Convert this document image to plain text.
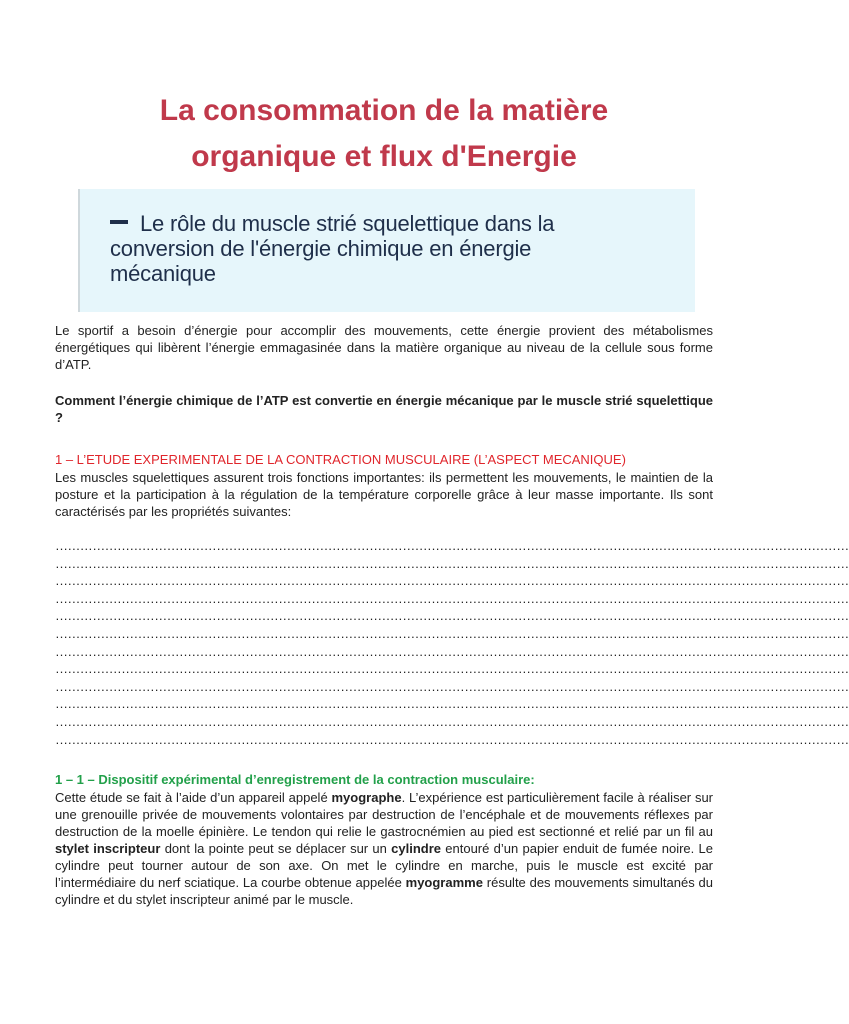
La consommation de la matière
organique et flux d'Energie
Le rôle du muscle strié squelettique dans la
conversion de l'énergie chimique en énergie
mécanique

Le sportif a besoin d’énergie pour accomplir des mouvements, cette énergie provient des métabolismes énergétiques qui libèrent l’énergie emmagasinée dans la matière organique au niveau de la cellule sous forme d’ATP.

Comment l’énergie chimique de l’ATP est convertie en énergie mécanique par le muscle strié squelettique ?

1 – L’ETUDE EXPERIMENTALE DE LA CONTRACTION MUSCULAIRE (L’ASPECT MECANIQUE)

Les muscles squelettiques assurent trois fonctions importantes: ils permettent les mouvements, le maintien de la posture et la participation à la régulation de la température corporelle grâce à leur masse importante. Ils sont caractérisés par les propriétés suivantes:

…………………………………………………………………………………………………………………………………………………………………………
…………………………………………………………………………………………………………………………………………………………………………
…………………………………………………………………………………………………………………………………………………………………………
…………………………………………………………………………………………………………………………………………………………………………
…………………………………………………………………………………………………………………………………………………………………………
…………………………………………………………………………………………………………………………………………………………………………
…………………………………………………………………………………………………………………………………………………………………………
…………………………………………………………………………………………………………………………………………………………………………
…………………………………………………………………………………………………………………………………………………………………………
…………………………………………………………………………………………………………………………………………………………………………
…………………………………………………………………………………………………………………………………………………………………………
…………………………………………………………………………………………………………………………………………………………………………

1 – 1 – Dispositif expérimental d’enregistrement de la contraction musculaire:

Cette étude se fait à l’aide d’un appareil appelé myographe. L’expérience est particulièrement facile à réaliser sur une grenouille privée de mouvements volontaires par destruction de l’encéphale et de mouvements réflexes par destruction de la moelle épinière. Le tendon qui relie le gastrocnémien au pied est sectionné et relié par un fil au stylet inscripteur dont la pointe peut se déplacer sur un cylindre entouré d’un papier enduit de fumée noire. Le cylindre peut tourner autour de son axe. On met le cylindre en marche, puis le muscle est excité par l’intermédiaire du nerf sciatique. La courbe obtenue appelée myogramme résulte des mouvements simultanés du cylindre et du stylet inscripteur animé par le muscle.
